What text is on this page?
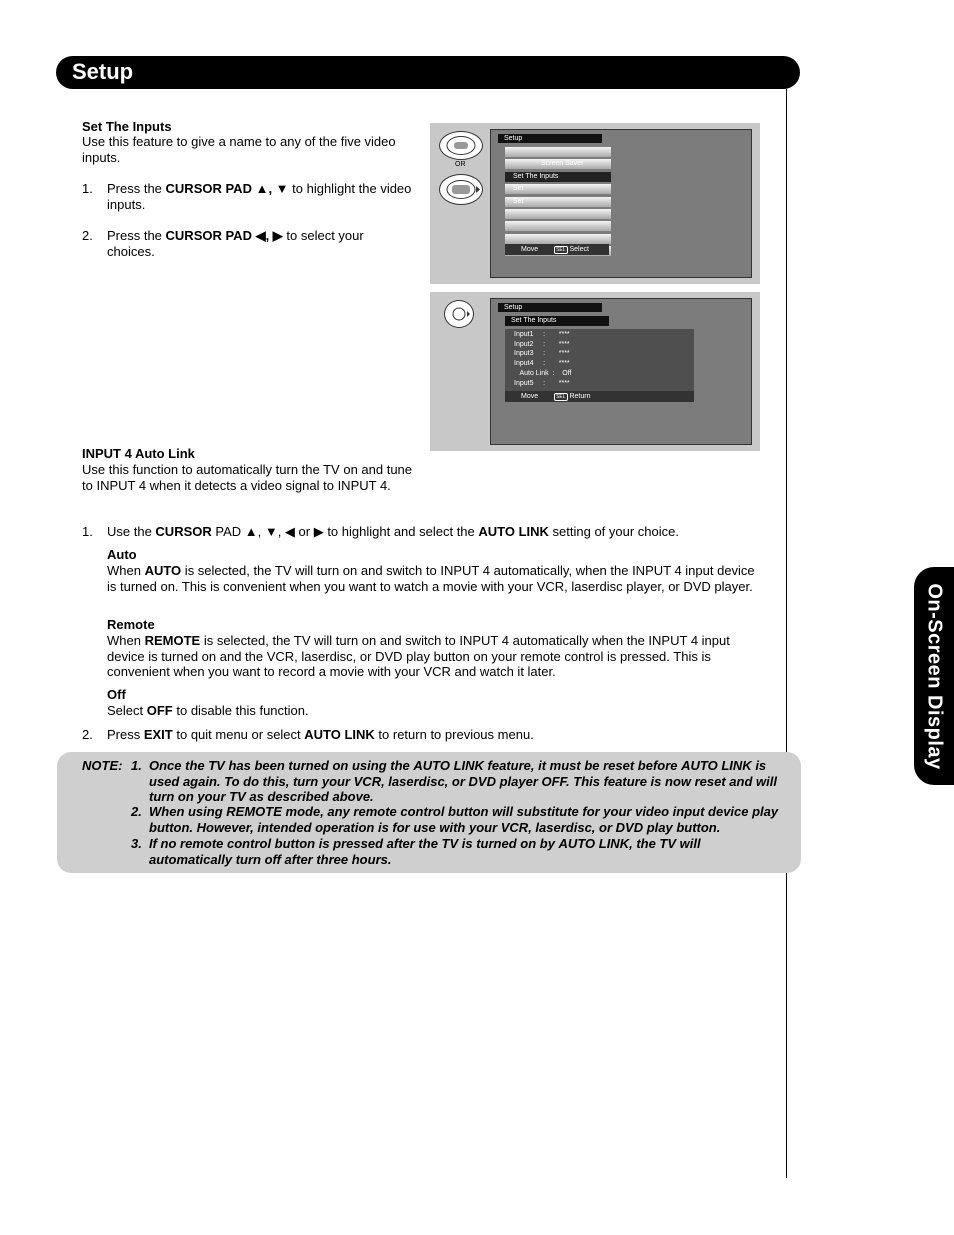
Setup
On-Screen Display
Set The Inputs
Use this feature to give a name to any of the five video inputs.
1. Press the CURSOR PAD ▲, ▼ to highlight the video inputs.
2. Press the CURSOR PAD ◀, ▶ to select your choices.
OR
Setup
Screen Saver
Set The Inputs
Set
Set
Move	SEL Select
Setup
Set The Inputs
Input1     :       ****
Input2     :       ****
Input3     :       ****
Input4     :       ****
Auto Link  :    Off
Input5     :       ****
Move	SEL Return
INPUT 4 Auto Link
Use this function to automatically turn the TV on and tune to INPUT 4 when it detects a video signal to INPUT 4.
1. Use the CURSOR PAD ▲, ▼, ◀ or ▶ to highlight and select the AUTO LINK setting of your choice.
Auto
When AUTO is selected, the TV will turn on and switch to INPUT 4 automatically, when the INPUT 4 input device is turned on. This is convenient when you want to watch a movie with your VCR, laserdisc player, or DVD player.
Remote
When REMOTE is selected, the TV will turn on and switch to INPUT 4 automatically when the INPUT 4 input device is turned on and the VCR, laserdisc, or DVD play button on your remote control is pressed. This is convenient when you want to record a movie with your VCR and watch it later.
Off
Select OFF to disable this function.
2. Press EXIT to quit menu or select AUTO LINK to return to previous menu.
NOTE: 1. Once the TV has been turned on using the AUTO LINK feature, it must be reset before AUTO LINK is used again. To do this, turn your VCR, laserdisc, or DVD player OFF. This feature is now reset and will turn on your TV as described above.
2. When using REMOTE mode, any remote control button will substitute for your video input device play button. However, intended operation is for use with your VCR, laserdisc, or DVD play button.
3. If no remote control button is pressed after the TV is turned on by AUTO LINK, the TV will automatically turn off after three hours.
